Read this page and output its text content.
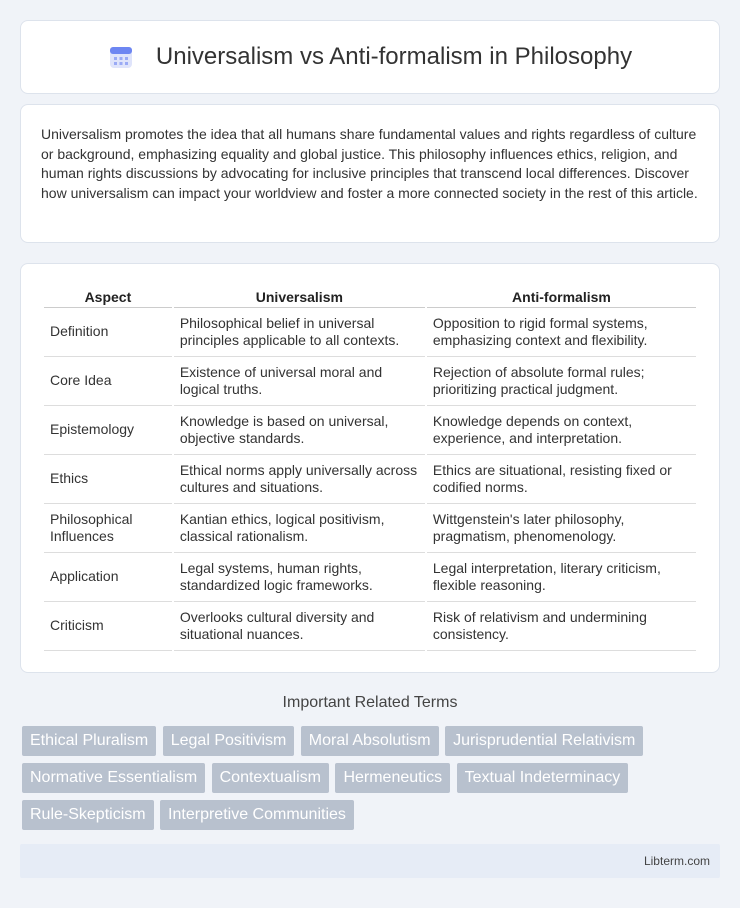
Universalism vs Anti-formalism in Philosophy

Universalism promotes the idea that all humans share fundamental values and rights regardless of culture or background, emphasizing equality and global justice. This philosophy influences ethics, religion, and human rights discussions by advocating for inclusive principles that transcend local differences. Discover how universalism can impact your worldview and foster a more connected society in the rest of this article.

Aspect	Universalism	Anti-formalism
Definition	Philosophical belief in universal principles applicable to all contexts.	Opposition to rigid formal systems, emphasizing context and flexibility.
Core Idea	Existence of universal moral and logical truths.	Rejection of absolute formal rules; prioritizing practical judgment.
Epistemology	Knowledge is based on universal, objective standards.	Knowledge depends on context, experience, and interpretation.
Ethics	Ethical norms apply universally across cultures and situations.	Ethics are situational, resisting fixed or codified norms.
Philosophical Influences	Kantian ethics, logical positivism, classical rationalism.	Wittgenstein's later philosophy, pragmatism, phenomenology.
Application	Legal systems, human rights, standardized logic frameworks.	Legal interpretation, literary criticism, flexible reasoning.
Criticism	Overlooks cultural diversity and situational nuances.	Risk of relativism and undermining consistency.
Important Related Terms
Ethical Pluralism Legal Positivism Moral Absolutism Jurisprudential Relativism Normative Essentialism Contextualism Hermeneutics Textual Indeterminacy Rule-Skepticism Interpretive Communities
Libterm.com
